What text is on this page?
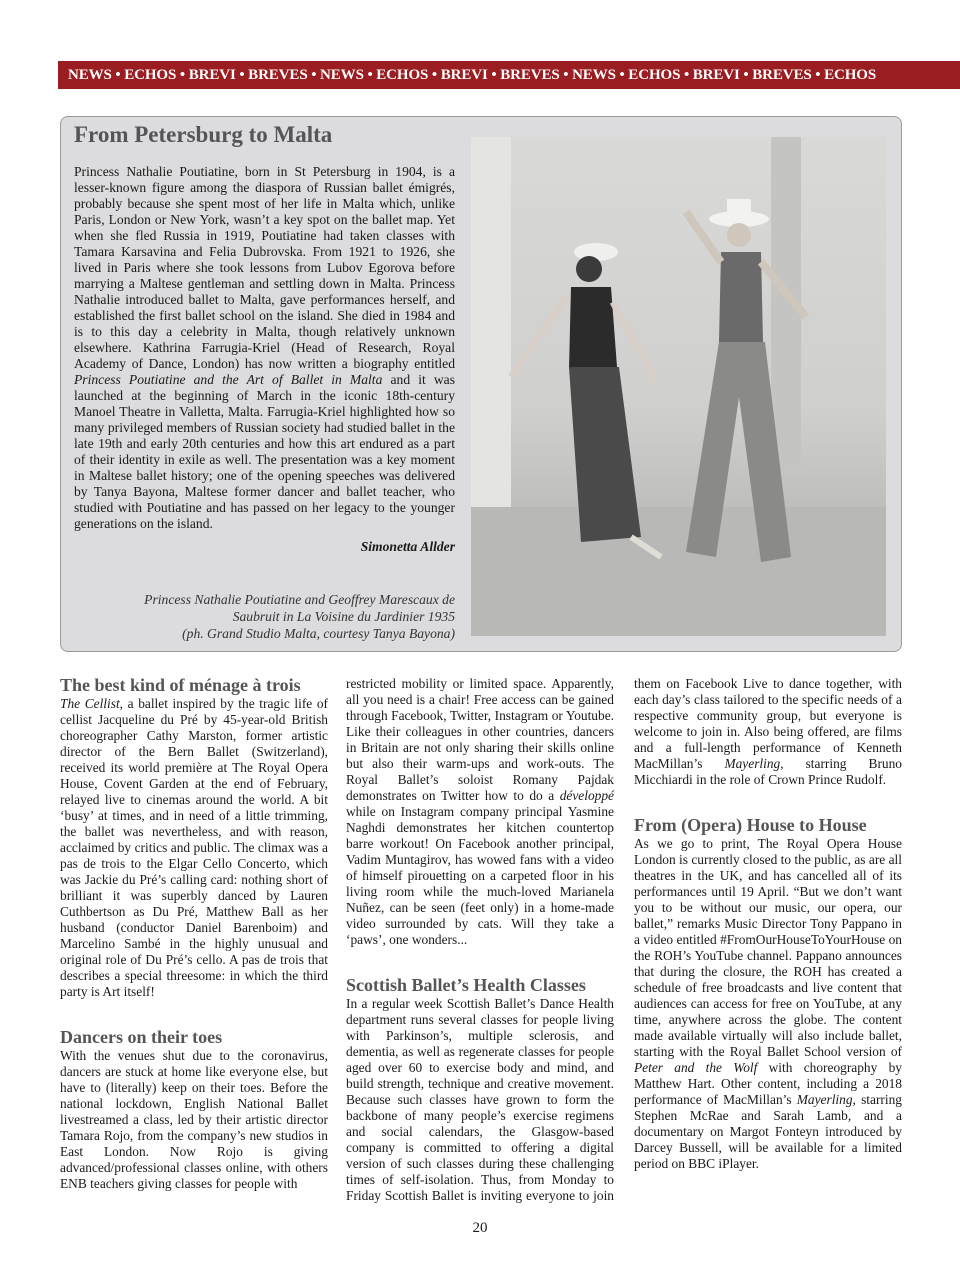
NEWS • ECHOS • BREVI • BREVES • NEWS • ECHOS • BREVI • BREVES • NEWS • ECHOS • BREVI • BREVES • ECHOS
From Petersburg to Malta

Princess Nathalie Poutiatine, born in St Petersburg in 1904, is a lesser-known figure among the diaspora of Russian ballet émigrés, probably because she spent most of her life in Malta which, unlike Paris, London or New York, wasn’t a key spot on the ballet map. Yet when she fled Russia in 1919, Poutiatine had taken classes with Tamara Karsavina and Felia Dubrovska. From 1921 to 1926, she lived in Paris where she took lessons from Lubov Egorova before marrying a Maltese gentleman and settling down in Malta. Princess Nathalie introduced ballet to Malta, gave performances herself, and established the first ballet school on the island. She died in 1984 and is to this day a celebrity in Malta, though relatively unknown elsewhere. Kathrina Farrugia-Kriel (Head of Research, Royal Academy of Dance, London) has now written a biography entitled Princess Poutiatine and the Art of Ballet in Malta and it was launched at the beginning of March in the iconic 18th-century Manoel Theatre in Valletta, Malta. Farrugia-Kriel highlighted how so many privileged members of Russian society had studied ballet in the late 19th and early 20th centuries and how this art endured as a part of their identity in exile as well. The presentation was a key moment in Maltese ballet history; one of the opening speeches was delivered by Tanya Bayona, Maltese former dancer and ballet teacher, who studied with Poutiatine and has passed on her legacy to the younger generations on the island.

Simonetta Allder
Princess Nathalie Poutiatine and Geoffrey Marescaux de
Saubruit in La Voisine du Jardinier 1935
(ph. Grand Studio Malta, courtesy Tanya Bayona)
The best kind of ménage à trois

The Cellist, a ballet inspired by the tragic life of cellist Jacqueline du Pré by 45-year-old British choreographer Cathy Marston, former artistic director of the Bern Ballet (Switzerland), received its world première at The Royal Opera House, Covent Garden at the end of February, relayed live to cinemas around the world. A bit ‘busy’ at times, and in need of a little trimming, the ballet was nevertheless, and with reason, acclaimed by critics and public. The climax was a pas de trois to the Elgar Cello Concerto, which was Jackie du Pré’s calling card: nothing short of brilliant it was superbly danced by Lauren Cuthbertson as Du Pré, Matthew Ball as her husband (conductor Daniel Barenboim) and Marcelino Sambé in the highly unusual and original role of Du Pré’s cello. A pas de trois that describes a special threesome: in which the third party is Art itself!

Dancers on their toes

With the venues shut due to the coronavirus, dancers are stuck at home like everyone else, but have to (literally) keep on their toes. Before the national lockdown, English National Ballet livestreamed a class, led by their artistic director Tamara Rojo, from the company’s new studios in East London. Now Rojo is giving advanced/professional classes online, with others ENB teachers giving classes for people with

restricted mobility or limited space. Apparently, all you need is a chair! Free access can be gained through Facebook, Twitter, Instagram or Youtube. Like their colleagues in other countries, dancers in Britain are not only sharing their skills online but also their warm-ups and work-outs. The Royal Ballet’s soloist Romany Pajdak demonstrates on Twitter how to do a développé while on Instagram company principal Yasmine Naghdi demonstrates her kitchen countertop barre workout! On Facebook another principal, Vadim Muntagirov, has wowed fans with a video of himself pirouetting on a carpeted floor in his living room while the much-loved Marianela Nuñez, can be seen (feet only) in a home-made video surrounded by cats. Will they take a ‘paws’, one wonders...

Scottish Ballet’s Health Classes

In a regular week Scottish Ballet’s Dance Health department runs several classes for people living with Parkinson’s, multiple sclerosis, and dementia, as well as regenerate classes for people aged over 60 to exercise body and mind, and build strength, technique and creative movement. Because such classes have grown to form the backbone of many people’s exercise regimens and social calendars, the Glasgow-based company is committed to offering a digital version of such classes during these challenging times of self-isolation. Thus, from Monday to Friday Scottish Ballet is inviting everyone to join them on Facebook Live to dance together, with each day’s class tailored to the specific needs of a respective community group, but everyone is welcome to join in. Also being offered, are films and a full-length performance of Kenneth MacMillan’s Mayerling, starring Bruno Micchiardi in the role of Crown Prince Rudolf.

From (Opera) House to House

As we go to print, The Royal Opera House London is currently closed to the public, as are all theatres in the UK, and has cancelled all of its performances until 19 April. “But we don’t want you to be without our music, our opera, our ballet,” remarks Music Director Tony Pappano in a video entitled #FromOurHouseToYourHouse on the ROH’s YouTube channel. Pappano announces that during the closure, the ROH has created a schedule of free broadcasts and live content that audiences can access for free on YouTube, at any time, anywhere across the globe. The content made available virtually will also include ballet, starting with the Royal Ballet School version of Peter and the Wolf with choreography by Matthew Hart. Other content, including a 2018 performance of MacMillan’s Mayerling, starring Stephen McRae and Sarah Lamb, and a documentary on Margot Fonteyn introduced by Darcey Bussell, will be available for a limited period on BBC iPlayer.

20
